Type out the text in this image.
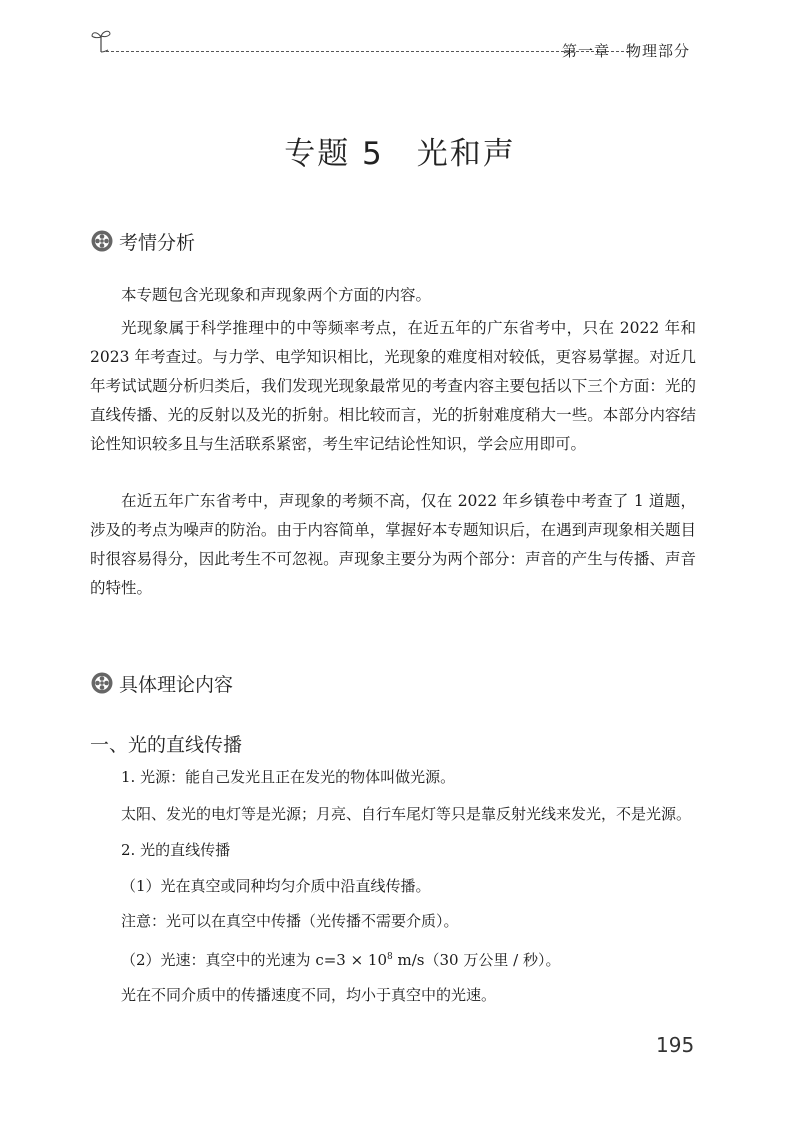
第一章　物理部分
专题 5　光和声
考情分析

本专题包含光现象和声现象两个方面的内容。

光现象属于科学推理中的中等频率考点，在近五年的广东省考中，只在 2022 年和 2023 年考查过。与力学、电学知识相比，光现象的难度相对较低，更容易掌握。对近几年考试试题分析归类后，我们发现光现象最常见的考查内容主要包括以下三个方面：光的直线传播、光的反射以及光的折射。相比较而言，光的折射难度稍大一些。本部分内容结论性知识较多且与生活联系紧密，考生牢记结论性知识，学会应用即可。

在近五年广东省考中，声现象的考频不高，仅在 2022 年乡镇卷中考查了 1 道题，涉及的考点为噪声的防治。由于内容简单，掌握好本专题知识后，在遇到声现象相关题目时很容易得分，因此考生不可忽视。声现象主要分为两个部分：声音的产生与传播、声音的特性。

具体理论内容
一、光的直线传播

1. 光源：能自己发光且正在发光的物体叫做光源。

太阳、发光的电灯等是光源；月亮、自行车尾灯等只是靠反射光线来发光，不是光源。

2. 光的直线传播

（1）光在真空或同种均匀介质中沿直线传播。

注意：光可以在真空中传播（光传播不需要介质）。

（2）光速：真空中的光速为 $c=3 \times 10^8$ m/s（30 万公里 / 秒）。

光在不同介质中的传播速度不同，均小于真空中的光速。

195
